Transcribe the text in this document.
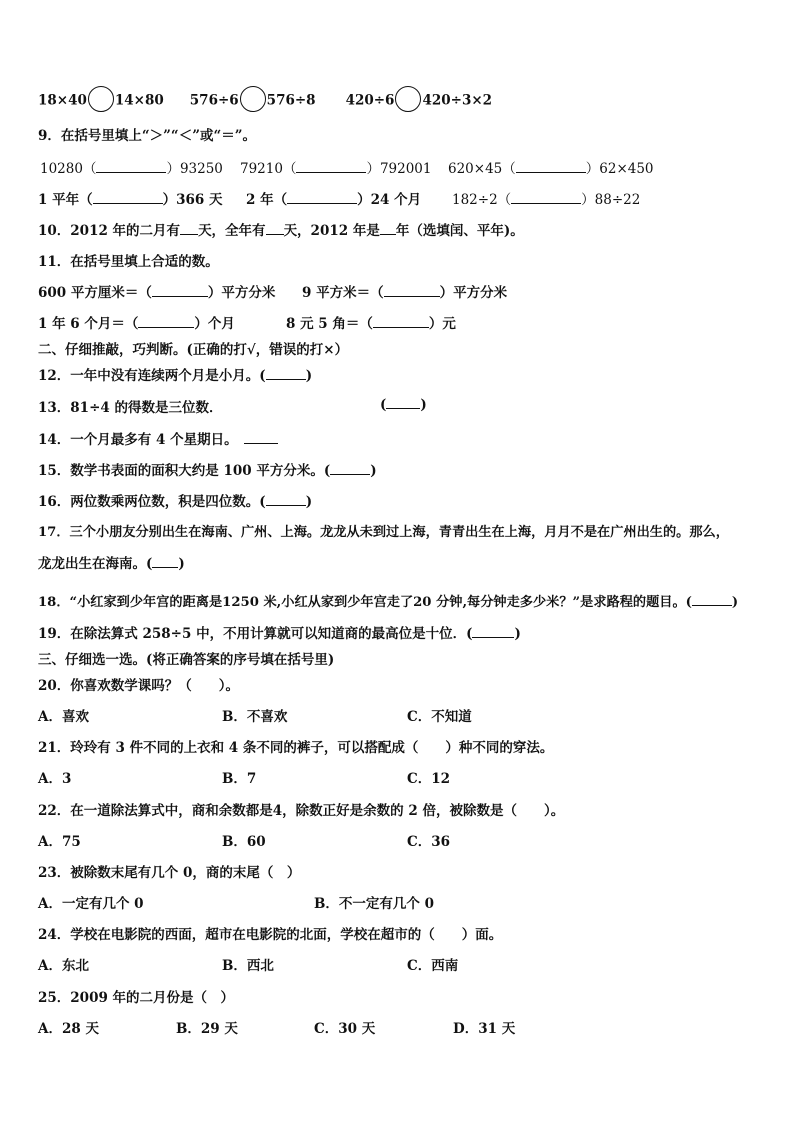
18×40 14×80 576÷6 576÷8 420÷6 420÷3×2
9．在括号里填上“＞”“＜”或“＝”。
10280（	）93250 79210（	）792001 620×45（	）62×450
1 平年（	）366 天 2 年（	）24 个月 182÷2（	）88÷22
10．2012 年的二月有 天，全年有 天，2012 年是 年（选填闰、平年)。
11．在括号里填上合适的数。
600 平方厘米＝（	）平方分米 9 平方米＝（	）平方分米
1 年 6 个月＝（	）个月	8 元 5 角＝（	）元
二、仔细推敲，巧判断。(正确的打√，错误的打×）
12．一年中没有连续两个月是小月。(	)
13．81÷4 的得数是三位数．	(	)
14．一个月最多有 4 个星期日。
15．数学书表面的面积大约是 100 平方分米。(	)
16．两位数乘两位数，积是四位数。(	)
17．三个小朋友分别出生在海南、广州、上海。龙龙从未到过上海，青青出生在上海，月月不是在广州出生的。那么，
龙龙出生在海南。( )
18．“小红家到少年宫的距离是1250 米,小红从家到少年宫走了20 分钟,每分钟走多少米？”是求路程的题目。(	)
19．在除法算式 258÷5 中，不用计算就可以知道商的最高位是十位．(	)
三、仔细选一选。(将正确答案的序号填在括号里)
20．你喜欢数学课吗？（　　）。
A．喜欢	B．不喜欢	C．不知道
21．玲玲有 3 件不同的上衣和 4 条不同的裤子，可以搭配成（　　）种不同的穿法。
A．3	B．7	C．12
22．在一道除法算式中，商和余数都是4，除数正好是余数的 2 倍，被除数是（　　）。
A．75	B．60	C．36
23．被除数末尾有几个 0，商的末尾（　）
A．一定有几个 0	B．不一定有几个 0
24．学校在电影院的西面，超市在电影院的北面，学校在超市的（　　）面。
A．东北	B．西北	C．西南
25．2009 年的二月份是（　）
A．28 天	B．29 天	C．30 天	D．31 天
